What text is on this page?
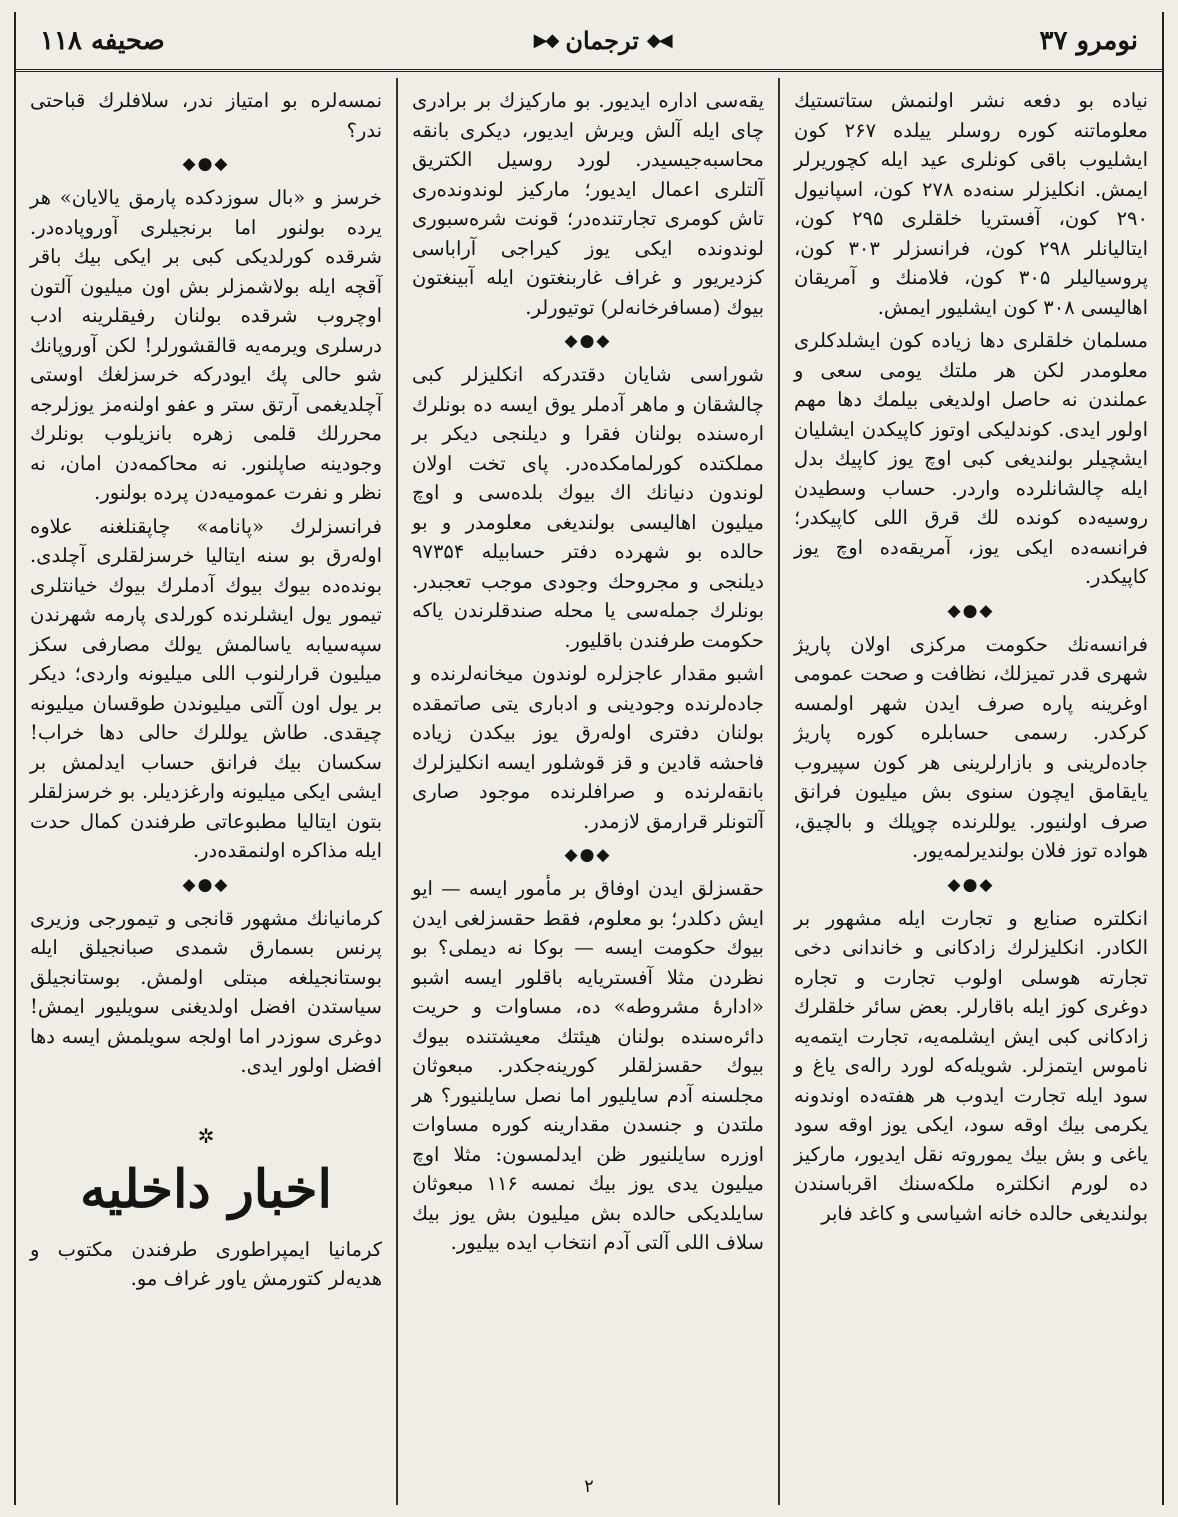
نومرو ۳۷
◀◆
ترجمان
◆▶
صحیفه ۱۱۸

نیاده بو دفعه نشر اولنمش ستاتستیك معلوماتنه كوره روسلر ییلده ۲۶۷ كون ایشلیوب باقی كونلری عید ایله كچوریرلر ایمش. انكلیزلر سنه‌ده ۲۷۸ كون، اسپانیول ۲۹۰ كون، آفستریا خلقلری ۲۹۵ كون، ایتالیانلر ۲۹۸ كون، فرانسزلر ۳۰۳ كون، پروسیالیلر ۳۰۵ كون، فلامنك و آمریقان اهالیسی ۳۰۸ كون ایشلیور ایمش.

مسلمان خلقلری دها زیاده كون ایشلدكلری معلومدر لكن هر ملتك یومی سعی و عملندن نه حاصل اولدیغی بیلمك دها مهم اولور ایدی. كوندلیكی اوتوز كاپیكدن ایشلیان ایشچیلر بولندیغی كبی اوچ یوز كاپیك بدل ایله چالشانلرده واردر. حساب وسطیدن روسیه‌ده كونده لك قرق اللی كاپیكدر؛ فرانسه‌ده ایكی یوز، آمریقه‌ده اوچ یوز كاپیكدر.

◆●◆

فرانسه‌نك حكومت مركزی اولان پاریژ شهری قدر تمیزلك، نظافت و صحت عمومی اوغرینه پاره صرف ایدن شهر اولمسه كركدر. رسمی حسابلره كوره پاریژ جاده‌لرینی و بازارلرینی هر كون سپیروب یایقامق ایچون سنوی بش میلیون فرانق صرف اولنیور. یوللرنده چوپلك و بالچیق، هواده توز فلان بولندیرلمه‌یور.

◆●◆

انكلتره صنایع و تجارت ایله مشهور بر الكادر. انكلیزلرك زادكانی و خاندانی دخی تجارته هوسلی اولوب تجارت و تجاره دوغری كوز ایله باقارلر. بعض سائر خلقلرك زادكانی كبی ایش ایشلمه‌یه، تجارت ایتمه‌یه ناموس ایتمزلر. شویله‌كه لورد راله‌ی یاغ و سود ایله تجارت ایدوب هر هفته‌ده اوندونه یكرمی بیك اوقه سود، ایكی یوز اوقه سود یاغی و بش بیك یموروته نقل ایدیور، ماركیز ده لورم انكلتره ملكه‌سنك اقرباسندن بولندیغی حالده خانه اشیاسی و كاغد فابر

یقه‌سی اداره ایدیور. بو ماركیزك بر برادری چای ایله آلش ویرش ایدیور، دیكری بانقه محاسبه‌جیسیدر. لورد روسیل الكتریق آلتلری اعمال ایدیور؛ ماركیز لوندونده‌ری تاش كومری تجارتنده‌در؛ قونت شره‌سبوری لوندونده ایكی یوز كیراجی آراباسی كزدیریور و غراف غاربنغتون ایله آبینغتون بیوك (مسافرخانه‌لر) توتیورلر.

◆●◆

شوراسی شایان دقتدركه انكلیزلر كبی چالشقان و ماهر آدملر یوق ایسه ده بونلرك اره‌سنده بولنان فقرا و دیلنجی دیكر بر مملكتده كورلمامكده‌در. پای تخت اولان لوندون دنیانك اك بیوك بلده‌سی و اوچ میلیون اهالیسی بولندیغی معلومدر و بو حالده بو شهرده دفتر حسابیله ۹۷۳۵۴ دیلنجی و مجروحك وجودی موجب تعجبدر. بونلرك جمله‌سی یا محله صندقلرندن یاكه حكومت طرفندن باقلیور.

اشبو مقدار عاجزلره لوندون میخانه‌لرنده و جاده‌لرنده وجودینی و ادباری یتی صاتمقده بولنان دفتری اوله‌رق یوز بیكدن زیاده فاحشه قادین و قز قوشلور ایسه انكلیزلرك بانقه‌لرنده و صرافلرنده موجود صاری آلتونلر قرارمق لازمدر.

◆●◆

حقسزلق ایدن اوفاق بر مأمور ایسه — ایو ایش دكلدر؛ بو معلوم، فقط حقسزلغی ایدن بیوك حكومت ایسه — بوكا نه دیملی؟ بو نظردن مثلا آفستریایه باقلور ایسه اشبو «ادارهٔ مشروطه» ده، مساوات و حریت دائره‌سنده بولنان هیئتك معیشتنده بیوك بیوك حقسزلقلر كورینه‌جكدر. مبعوثان مجلسنه آدم سایلیور اما نصل سایلنیور؟ هر ملتدن و جنسدن مقدارینه كوره مساوات اوزره سایلنیور ظن ایدلمسون: مثلا اوچ میلیون یدی یوز بیك نمسه ۱۱۶ مبعوثان سایلدیكی حالده بش میلیون بش یوز بیك سلاف اللی آلتی آدم انتخاب ایده بیلیور.

نمسه‌لره بو امتیاز ندر، سلافلرك قباحتی ندر؟

◆●◆

خرسز و «بال سوزدكده پارمق یالایان» هر یرده بولنور اما برنجیلری آوروپاده‌در. شرقده كورلدیكی كبی بر ایكی بیك باقر آقچه ایله بولاشمزلر بش اون میلیون آلتون اوچروب شرقده بولنان رفیقلرینه ادب درسلری ویرمه‌یه قالقشورلر! لكن آوروپانك شو حالی پك ایودركه خرسزلغك اوستی آچلدیغمی آرتق ستر و عفو اولنه‌مز یوزلرجه محررلك قلمی زهره بانزیلوب بونلرك وجودینه صاپلنور. نه محاكمه‌دن امان، نه نظر و نفرت عمومیه‌دن پرده بولنور.

فرانسزلرك «پانامه» چاپقنلغنه علاوه اوله‌رق بو سنه ایتالیا خرسزلقلری آچلدی. بونده‌ده بیوك بیوك آدملرك بیوك خیانتلری تیمور یول ایشلرنده كورلدی پارمه شهرندن سپه‌سیابه یاسالمش یولك مصارفی سكز میلیون قرارلنوب اللی میلیونه واردی؛ دیكر بر یول اون آلتی میلیوندن طوقسان میلیونه چیقدی. طاش یوللرك حالی دها خراب! سكسان بیك فرانق حساب ایدلمش بر ایشی ایكی میلیونه وارغزدیلر. بو خرسزلقلر بتون ایتالیا مطبوعاتی طرفندن كمال حدت ایله مذاكره اولنمقده‌در.

◆●◆

كرمانیانك مشهور قانجی و تیمورجی وزیری پرنس بسمارق شمدی صبانجیلق ایله بوستانجیلغه مبتلی اولمش. بوستانجیلق سیاستدن افضل اولدیغنی سویلیور ایمش! دوغری سوزدر اما اولجه سویلمش ایسه دها افضل اولور ایدی.

✲
اخبار داخلیه

كرمانیا ایمپراطوری طرفندن مكتوب و هدیه‌لر كتورمش یاور غراف مو.

۲
